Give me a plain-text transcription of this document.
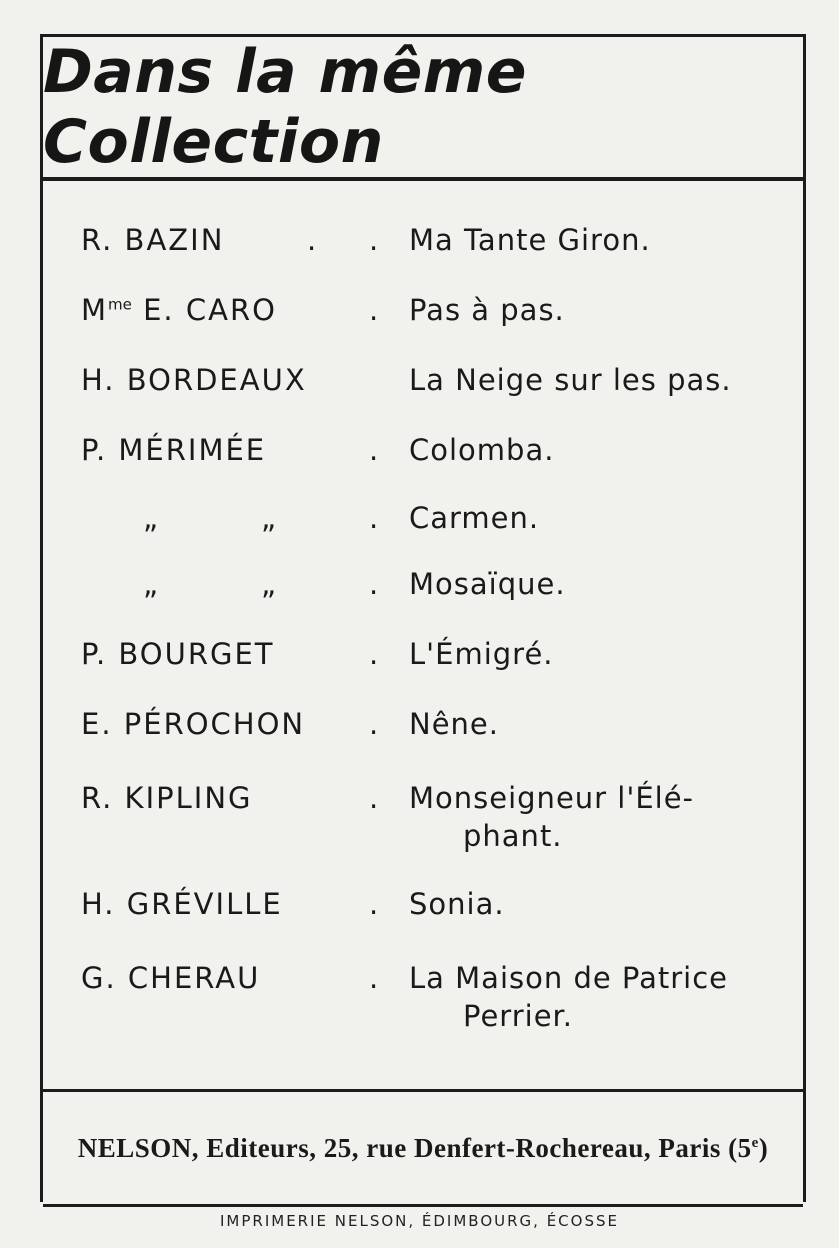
Dans la même Collection
R. BAZIN	. . Ma Tante Giron.
$M^{me}$ E. CARO	. Pas à pas.
H. BORDEAUX	La Neige sur les pas.
P. MÉRIMÉE	. Colomba.
„	„	. Carmen.
„	„	. Mosaïque.
P. BOURGET	. L'Émigré.
E. PÉROCHON . Nêne.
R. KIPLING	. Monseigneur l'Élé-
phant.
H. GRÉVILLE	. Sonia.
G. CHERAU	. La Maison de Patrice
Perrier.
NELSON, Editeurs, 25, rue Denfert-Rochereau, Paris (5e)
IMPRIMERIE NELSON, ÉDIMBOURG, ÉCOSSE
